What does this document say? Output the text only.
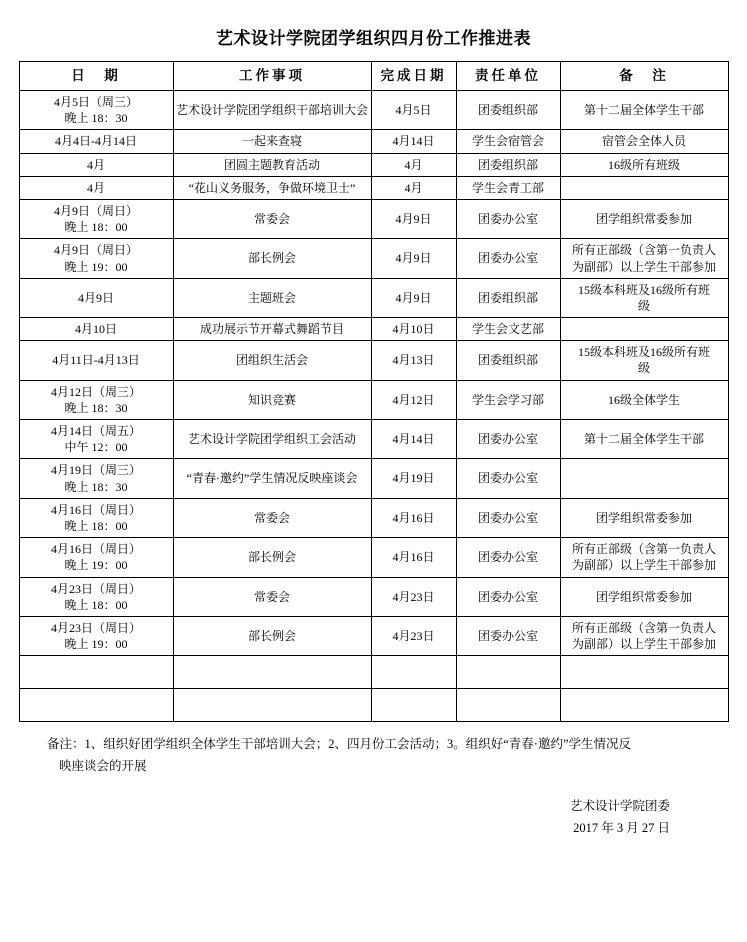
艺术设计学院团学组织四月份工作推进表
日　期	工作事项	完成日期	责任单位	备　注

4月5日（周三）
晚上 18：30	艺术设计学院团学组织干部培训大会	4月5日	团委组织部	第十二届全体学生干部

4月4日-4月14日	一起来查寝	4月14日	学生会宿管会	宿管会全体人员

4月	团圆主题教育活动	4月	团委组织部	16级所有班级

4月	“花山义务服务，争做环境卫士”	4月	学生会青工部	

4月9日（周日）
晚上 18：00	常委会	4月9日	团委办公室	团学组织常委参加

4月9日（周日）
晚上 19：00	部长例会	4月9日	团委办公室	所有正部级（含第一负责人
为副部）以上学生干部参加

4月9日	主题班会	4月9日	团委组织部	15级本科班及16级所有班
级

4月10日	成功展示节开幕式舞蹈节目	4月10日	学生会文艺部	

4月11日-4月13日	团组织生活会	4月13日	团委组织部	15级本科班及16级所有班
级

4月12日（周三）
晚上 18：30	知识竞赛	4月12日	学生会学习部	16级全体学生

4月14日（周五）
中午 12：00	艺术设计学院团学组织工会活动	4月14日	团委办公室	第十二届全体学生干部

4月19日（周三）
晚上 18：30	“青春·邀约”学生情况反映座谈会	4月19日	团委办公室	

4月16日（周日）
晚上 18：00	常委会	4月16日	团委办公室	团学组织常委参加

4月16日（周日）
晚上 19：00	部长例会	4月16日	团委办公室	所有正部级（含第一负责人
为副部）以上学生干部参加

4月23日（周日）
晚上 18：00	常委会	4月23日	团委办公室	团学组织常委参加

4月23日（周日）
晚上 19：00	部长例会	4月23日	团委办公室	所有正部级（含第一负责人
为副部）以上学生干部参加

备注：1、组织好团学组织全体学生干部培训大会；2、四月份工会活动；3。组织好“青春·邀约”学生情况反
映座谈会的开展
艺术设计学院团委
2017 年 3 月 27 日
